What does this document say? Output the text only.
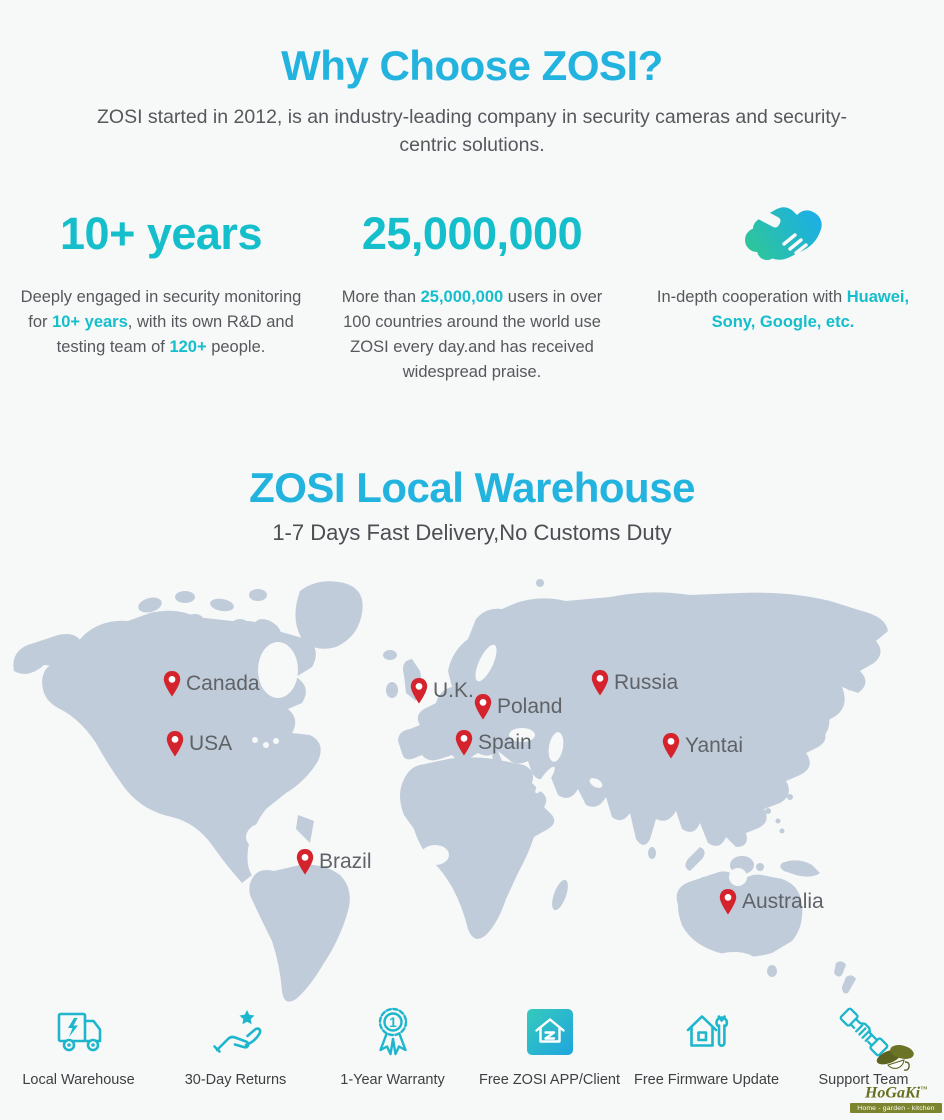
Why Choose ZOSI?
ZOSI started in 2012, is an industry-leading company in security cameras and security-centric solutions.
10+ years

Deeply engaged in security monitoring for 10+ years, with its own R&D and testing team of 120+ people.

25,000,000

More than 25,000,000 users in over 100 countries around the world use ZOSI every day.and has received widespread praise.

In-depth cooperation with Huawei, Sony, Google, etc.

ZOSI Local Warehouse
1-7 Days Fast Delivery,No Customs Duty
Canada
USA
U.K.
Poland
Spain
Russia
Yantai
Brazil
Australia
Local Warehouse	30-Day Returns
1
1-Year Warranty	Free ZOSI APP/Client Free Firmware Update	Support Team
HoGaKi™
Home - garden - kitchen
